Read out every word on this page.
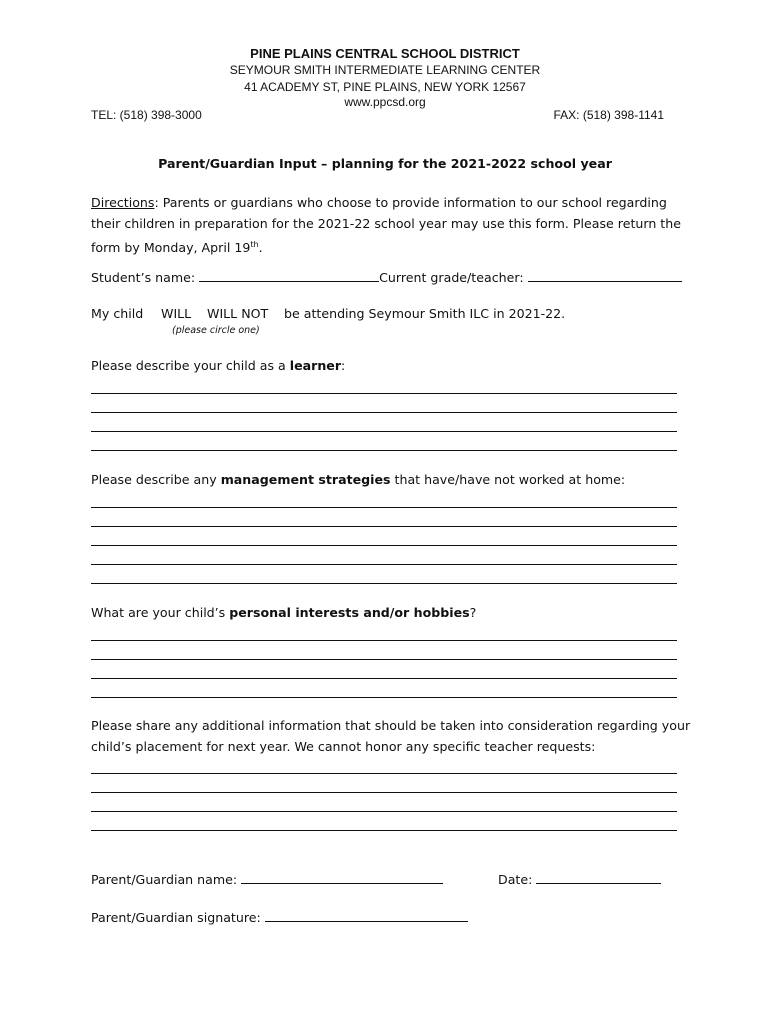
PINE PLAINS CENTRAL SCHOOL DISTRICT
SEYMOUR SMITH INTERMEDIATE LEARNING CENTER
41 ACADEMY ST, PINE PLAINS, NEW YORK 12567
www.ppcsd.org
TEL: (518) 398-3000	FAX: (518) 398-1141
Parent/Guardian Input – planning for the 2021-2022 school year
Directions: Parents or guardians who choose to provide information to our school regarding their children in preparation for the 2021-22 school year may use this form. Please return the form by Monday, April 19th.
Student’s name:	Current grade/teacher:
My child WILL WILL NOT be attending Seymour Smith ILC in 2021-22.
(please circle one)
Please describe your child as a learner:
Please describe any management strategies that have/have not worked at home:
What are your child’s personal interests and/or hobbies?
Please share any additional information that should be taken into consideration regarding your
child’s placement for next year. We cannot honor any specific teacher requests:
Parent/Guardian name:	Date:
Parent/Guardian signature:
